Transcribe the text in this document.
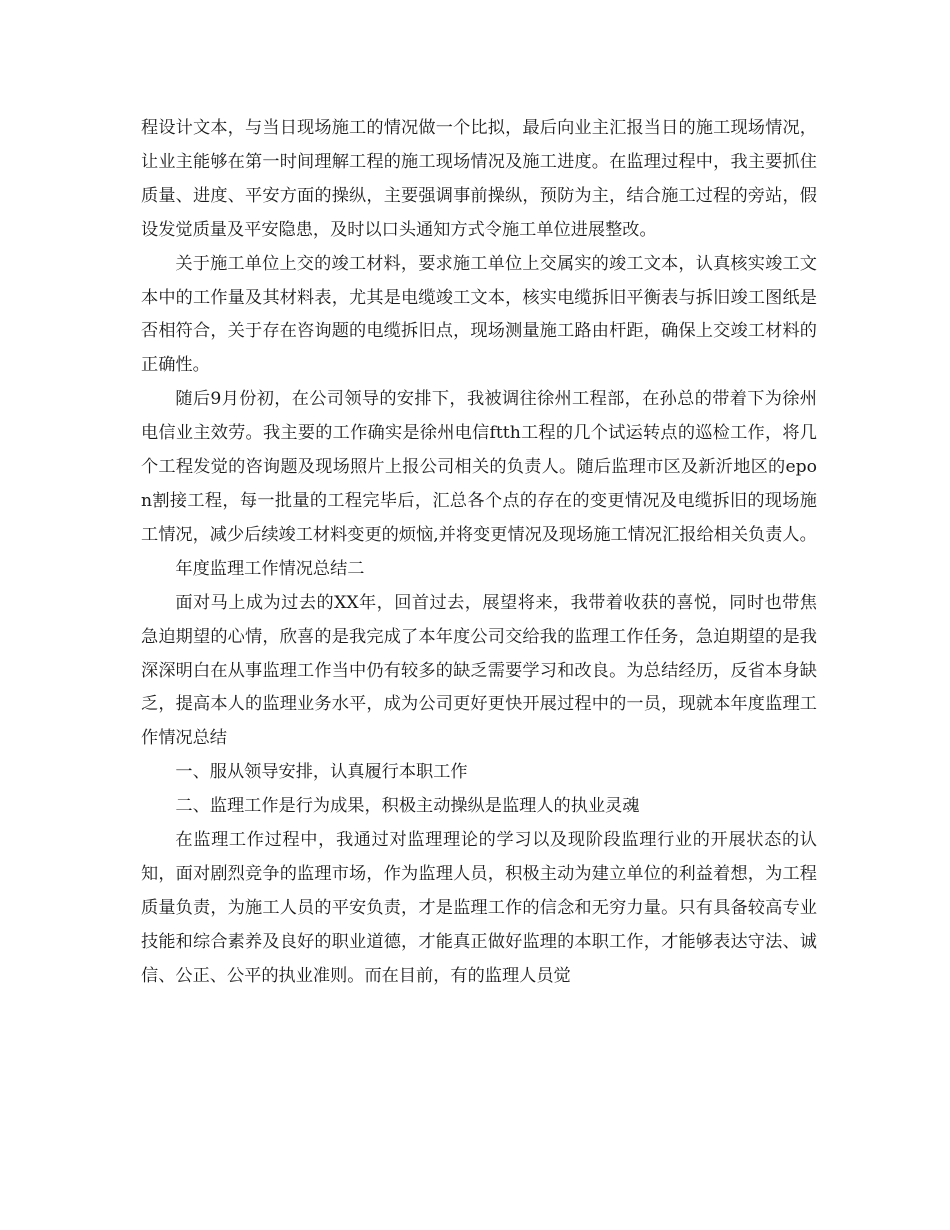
程设计文本，与当日现场施工的情况做一个比拟，最后向业主汇报当日的施工现场情况，让业主能够在第一时间理解工程的施工现场情况及施工进度。在监理过程中，我主要抓住质量、进度、平安方面的操纵，主要强调事前操纵，预防为主，结合施工过程的旁站，假设发觉质量及平安隐患，及时以口头通知方式令施工单位进展整改。

关于施工单位上交的竣工材料，要求施工单位上交属实的竣工文本，认真核实竣工文本中的工作量及其材料表，尤其是电缆竣工文本，核实电缆拆旧平衡表与拆旧竣工图纸是否相符合，关于存在咨询题的电缆拆旧点，现场测量施工路由杆距，确保上交竣工材料的正确性。

随后9月份初，在公司领导的安排下，我被调往徐州工程部，在孙总的带着下为徐州电信业主效劳。我主要的工作确实是徐州电信ftth工程的几个试运转点的巡检工作，将几个工程发觉的咨询题及现场照片上报公司相关的负责人。随后监理市区及新沂地区的epon割接工程，每一批量的工程完毕后，汇总各个点的存在的变更情况及电缆拆旧的现场施工情况，减少后续竣工材料变更的烦恼,并将变更情况及现场施工情况汇报给相关负责人。

年度监理工作情况总结二

面对马上成为过去的XX年，回首过去，展望将来，我带着收获的喜悦，同时也带焦急迫期望的心情，欣喜的是我完成了本年度公司交给我的监理工作任务，急迫期望的是我深深明白在从事监理工作当中仍有较多的缺乏需要学习和改良。为总结经历，反省本身缺乏，提高本人的监理业务水平，成为公司更好更快开展过程中的一员，现就本年度监理工作情况总结

一、服从领导安排，认真履行本职工作

二、监理工作是行为成果，积极主动操纵是监理人的执业灵魂

在监理工作过程中，我通过对监理理论的学习以及现阶段监理行业的开展状态的认知，面对剧烈竞争的监理市场，作为监理人员，积极主动为建立单位的利益着想，为工程质量负责，为施工人员的平安负责，才是监理工作的信念和无穷力量。只有具备较高专业技能和综合素养及良好的职业道德，才能真正做好监理的本职工作，才能够表达守法、诚信、公正、公平的执业准则。而在目前，有的监理人员觉
